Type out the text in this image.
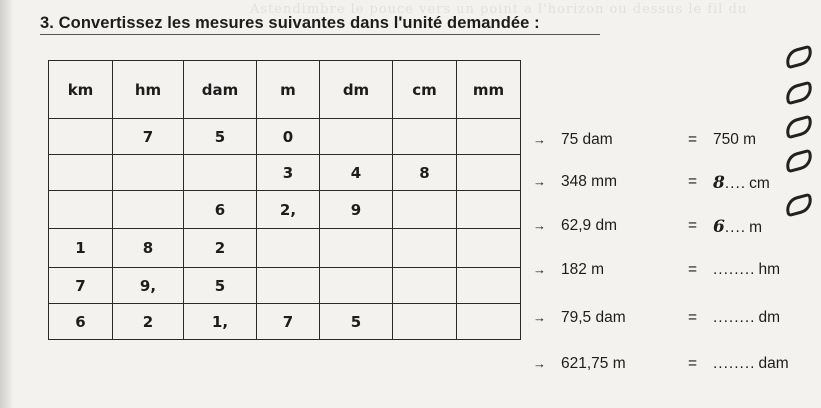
Astendimbre le pouce vers un point a l'horizon ou dessus le fil du
3. Convertissez les mesures suivantes dans l'unité demandée :
km	hm	dam	m	dm	cm	mm
	7	5	0			
			3	4	8	
		6	2,	9		
1	8	2				
7	9,	5				
6	2	1,	7	5		
→ 75 dam	= 750 m
→ 348 mm	= 8.... cm
→ 62,9 dm	= 6.... m
→ 182 m	= ........ hm
→ 79,5 dam	= ........ dm
→ 621,75 m	= ........ dam
